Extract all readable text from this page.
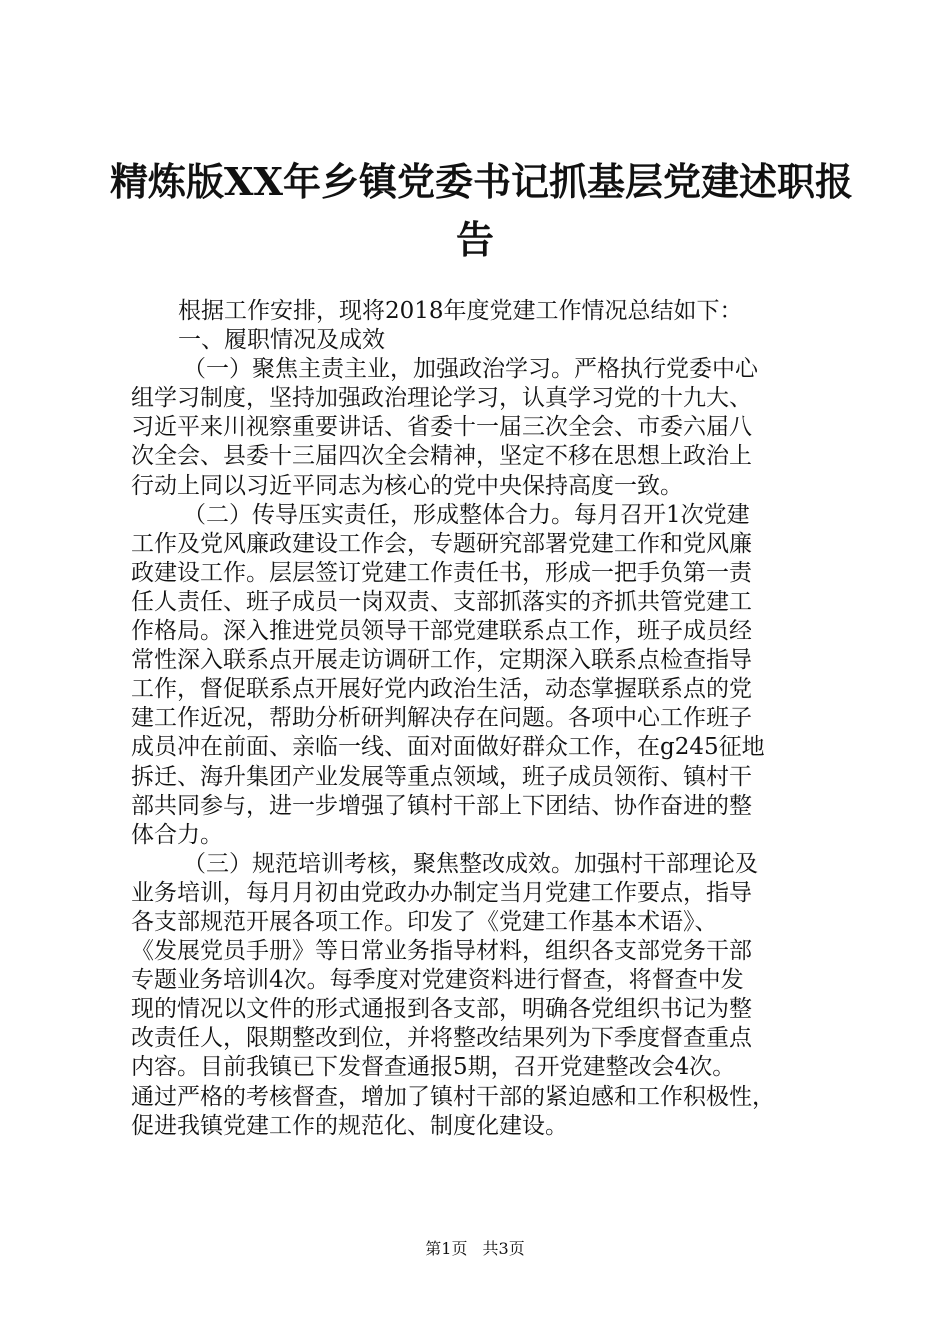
精炼版XX年乡镇党委书记抓基层党建述职报
告
根据工作安排，现将2018年度党建工作情况总结如下：
一、履职情况及成效
（一）聚焦主责主业，加强政治学习。严格执行党委中心
组学习制度，坚持加强政治理论学习，认真学习党的十九大、
习近平来川视察重要讲话、省委十一届三次全会、市委六届八
次全会、县委十三届四次全会精神，坚定不移在思想上政治上
行动上同以习近平同志为核心的党中央保持高度一致。
（二）传导压实责任，形成整体合力。每月召开1次党建
工作及党风廉政建设工作会，专题研究部署党建工作和党风廉
政建设工作。层层签订党建工作责任书，形成一把手负第一责
任人责任、班子成员一岗双责、支部抓落实的齐抓共管党建工
作格局。深入推进党员领导干部党建联系点工作，班子成员经
常性深入联系点开展走访调研工作，定期深入联系点检查指导
工作，督促联系点开展好党内政治生活，动态掌握联系点的党
建工作近况，帮助分析研判解决存在问题。各项中心工作班子
成员冲在前面、亲临一线、面对面做好群众工作，在g245征地
拆迁、海升集团产业发展等重点领域，班子成员领衔、镇村干
部共同参与，进一步增强了镇村干部上下团结、协作奋进的整
体合力。
（三）规范培训考核，聚焦整改成效。加强村干部理论及
业务培训，每月月初由党政办办制定当月党建工作要点，指导
各支部规范开展各项工作。印发了《党建工作基本术语》、
《发展党员手册》等日常业务指导材料，组织各支部党务干部
专题业务培训4次。每季度对党建资料进行督查，将督查中发
现的情况以文件的形式通报到各支部，明确各党组织书记为整
改责任人，限期整改到位，并将整改结果列为下季度督查重点
内容。目前我镇已下发督查通报5期，召开党建整改会4次。
通过严格的考核督查，增加了镇村干部的紧迫感和工作积极性，
促进我镇党建工作的规范化、制度化建设。
第1页 共3页
